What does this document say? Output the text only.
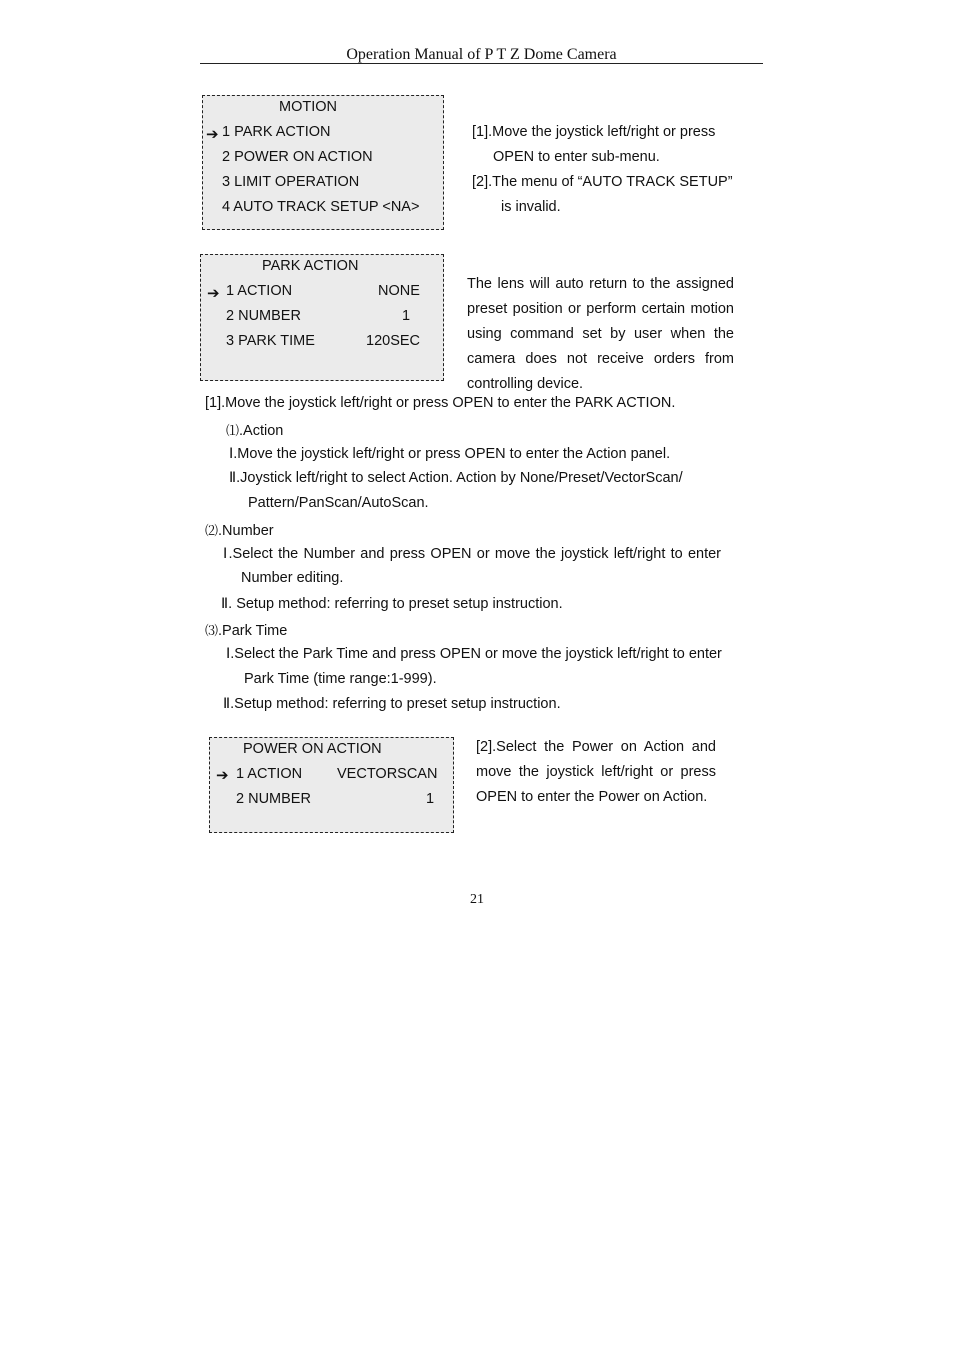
Operation Manual of P T Z Dome Camera
MOTION
➔ 1 PARK ACTION
2 POWER ON ACTION
3 LIMIT OPERATION
4 AUTO TRACK SETUP <NA>
[1].Move the joystick left/right or press
OPEN to enter sub-menu.
[2].The menu of “AUTO TRACK SETUP”
is invalid.
PARK ACTION
➔ 1 ACTION	NONE
2 NUMBER	1
3 PARK TIME	120SEC
The lens will auto return to the assigned preset position or perform certain motion using command set by user when the camera does not receive orders from controlling device.
[1].Move the joystick left/right or press OPEN to enter the PARK ACTION.
⑴.Action
Ⅰ.Move the joystick left/right or press OPEN to enter the Action panel.
Ⅱ.Joystick left/right to select Action. Action by None/Preset/VectorScan/
Pattern/PanScan/AutoScan.
⑵.Number
Ⅰ.Select the Number and press OPEN or move the joystick left/right to enter
Number editing.
Ⅱ. Setup method: referring to preset setup instruction.
⑶.Park Time
Ⅰ.Select the Park Time and press OPEN or move the joystick left/right to enter
Park Time (time range:1-999).
Ⅱ.Setup method: referring to preset setup instruction.
POWER ON ACTION
➔ 1 ACTION VECTORSCAN
2 NUMBER	1
[2].Select the Power on Action and move the joystick left/right or press OPEN to enter the Power on Action.
21
